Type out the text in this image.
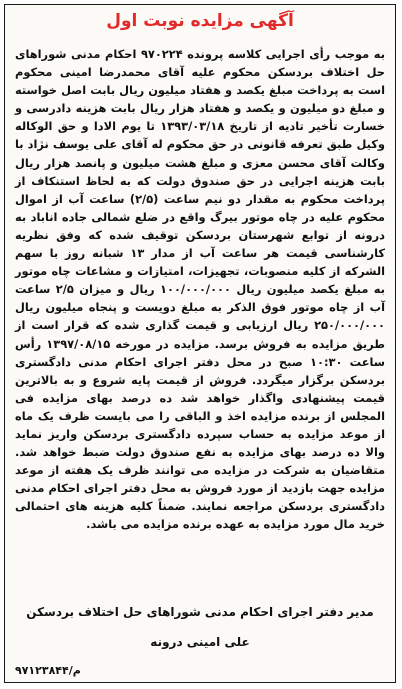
آگهی مزایده نوبت اول
به موجب رأی اجرایی کلاسه پرونده ۹۷۰۲۲۴ احکام مدنی شوراهای حل اختلاف بردسکن محکوم علیه آقای محمدرضا امینی محکوم است به پرداخت مبلغ یکصد و هفتاد میلیون ریال بابت اصل خواسته و مبلغ دو میلیون و یکصد و هفتاد هزار ریال بابت هزینه دادرسی و خسارت تأخیر تادیه از تاریخ ۱۳۹۳/۰۳/۱۸ تا یوم الادا و حق الوکاله وکیل طبق تعرفه قانونی در حق محکوم له آقای علی یوسف نژاد با وکالت آقای محسن معزی و مبلغ هشت میلیون و پانصد هزار ریال بابت هزینه اجرایی در حق صندوق دولت که به لحاظ استنکاف از پرداخت محکوم به مقدار دو نیم ساعت (۲/۵) ساعت آب از اموال محکوم علیه در چاه موتور بیرگ واقع در ضلع شمالی جاده اناباد به درونه از توابع شهرستان بردسکن توقیف شده که وفق نظریه کارشناسی قیمت هر ساعت آب از مدار ۱۳ شبانه روز با سهم الشرکه از کلیه منصوبات، تجهیزات، امتیازات و مشاعات چاه موتور به مبلغ یکصد میلیون ریال ۱۰۰/۰۰۰/۰۰۰ ریال و میزان ۲/۵ ساعت آب از چاه موتور فوق الذکر به مبلغ دویست و پنجاه میلیون ریال ۲۵۰/۰۰۰/۰۰۰ ریال ارزیابی و قیمت گذاری شده که قرار است از طریق مزایده به فروش برسد. مزایده در مورخه ۱۳۹۷/۰۸/۱۵ رأس ساعت ۱۰:۳۰ صبح در محل دفتر اجرای احکام مدنی دادگستری بردسکن برگزار میگردد. فروش از قیمت پایه شروع و به بالاترین قیمت پیشنهادی واگذار خواهد شد ده درصد بهای مزایده فی المجلس از برنده مزایده اخذ و الباقی را می بایست ظرف یک ماه از موعد مزایده به حساب سپرده دادگستری بردسکن واریز نماید والا ده درصد بهای مزایده به نفع صندوق دولت ضبط خواهد شد. متقاضیان به شرکت در مزایده می توانند ظرف یک هفته از موعد مزایده جهت بازدید از مورد فروش به محل دفتر اجرای احکام مدنی دادگستری بردسکن مراجعه نمایند. ضمناً کلیه هزینه های احتمالی خرید مال مورد مزایده به عهده برنده مزایده می باشد.
مدیر دفتر اجرای احکام مدنی شوراهای حل اختلاف بردسکن
علی امینی درونه
م/۹۷۱۲۳۸۴۴
